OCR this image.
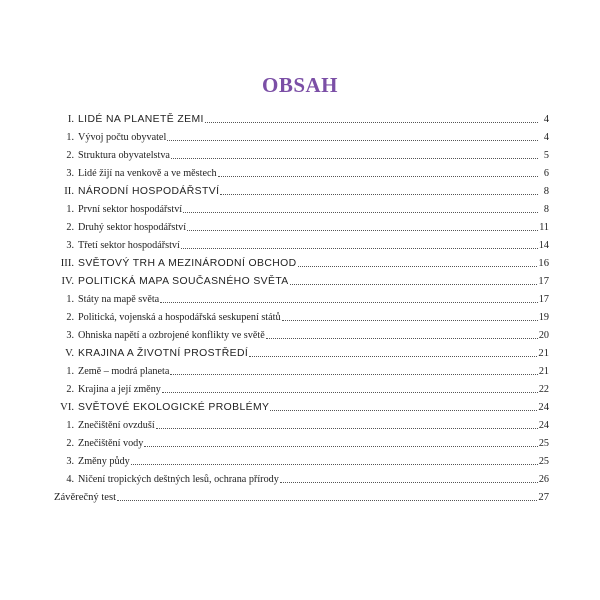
OBSAH
I. LIDÉ NA PLANETĚ ZEMI	4
1. Vývoj počtu obyvatel	4
2. Struktura obyvatelstva	5
3. Lidé žijí na venkově a ve městech	6
II. NÁRODNÍ HOSPODÁŘSTVÍ	8
1. První sektor hospodářství	8
2. Druhý sektor hospodářství	11
3. Třetí sektor hospodářství	14
III. SVĚTOVÝ TRH A MEZINÁRODNÍ OBCHOD	16
IV. POLITICKÁ MAPA SOUČASNÉHO SVĚTA	17
1. Státy na mapě světa	17
2. Politická, vojenská a hospodářská seskupení států	19
3. Ohniska napětí a ozbrojené konflikty ve světě	20
V. KRAJINA A ŽIVOTNÍ PROSTŘEDÍ	21
1. Země – modrá planeta	21
2. Krajina a její změny	22
VI. SVĚTOVÉ EKOLOGICKÉ PROBLÉMY	24
1. Znečištění ovzduší	24
2. Znečištění vody	25
3. Změny půdy	25
4. Ničení tropických deštných lesů, ochrana přírody	26
Závěrečný test	27
